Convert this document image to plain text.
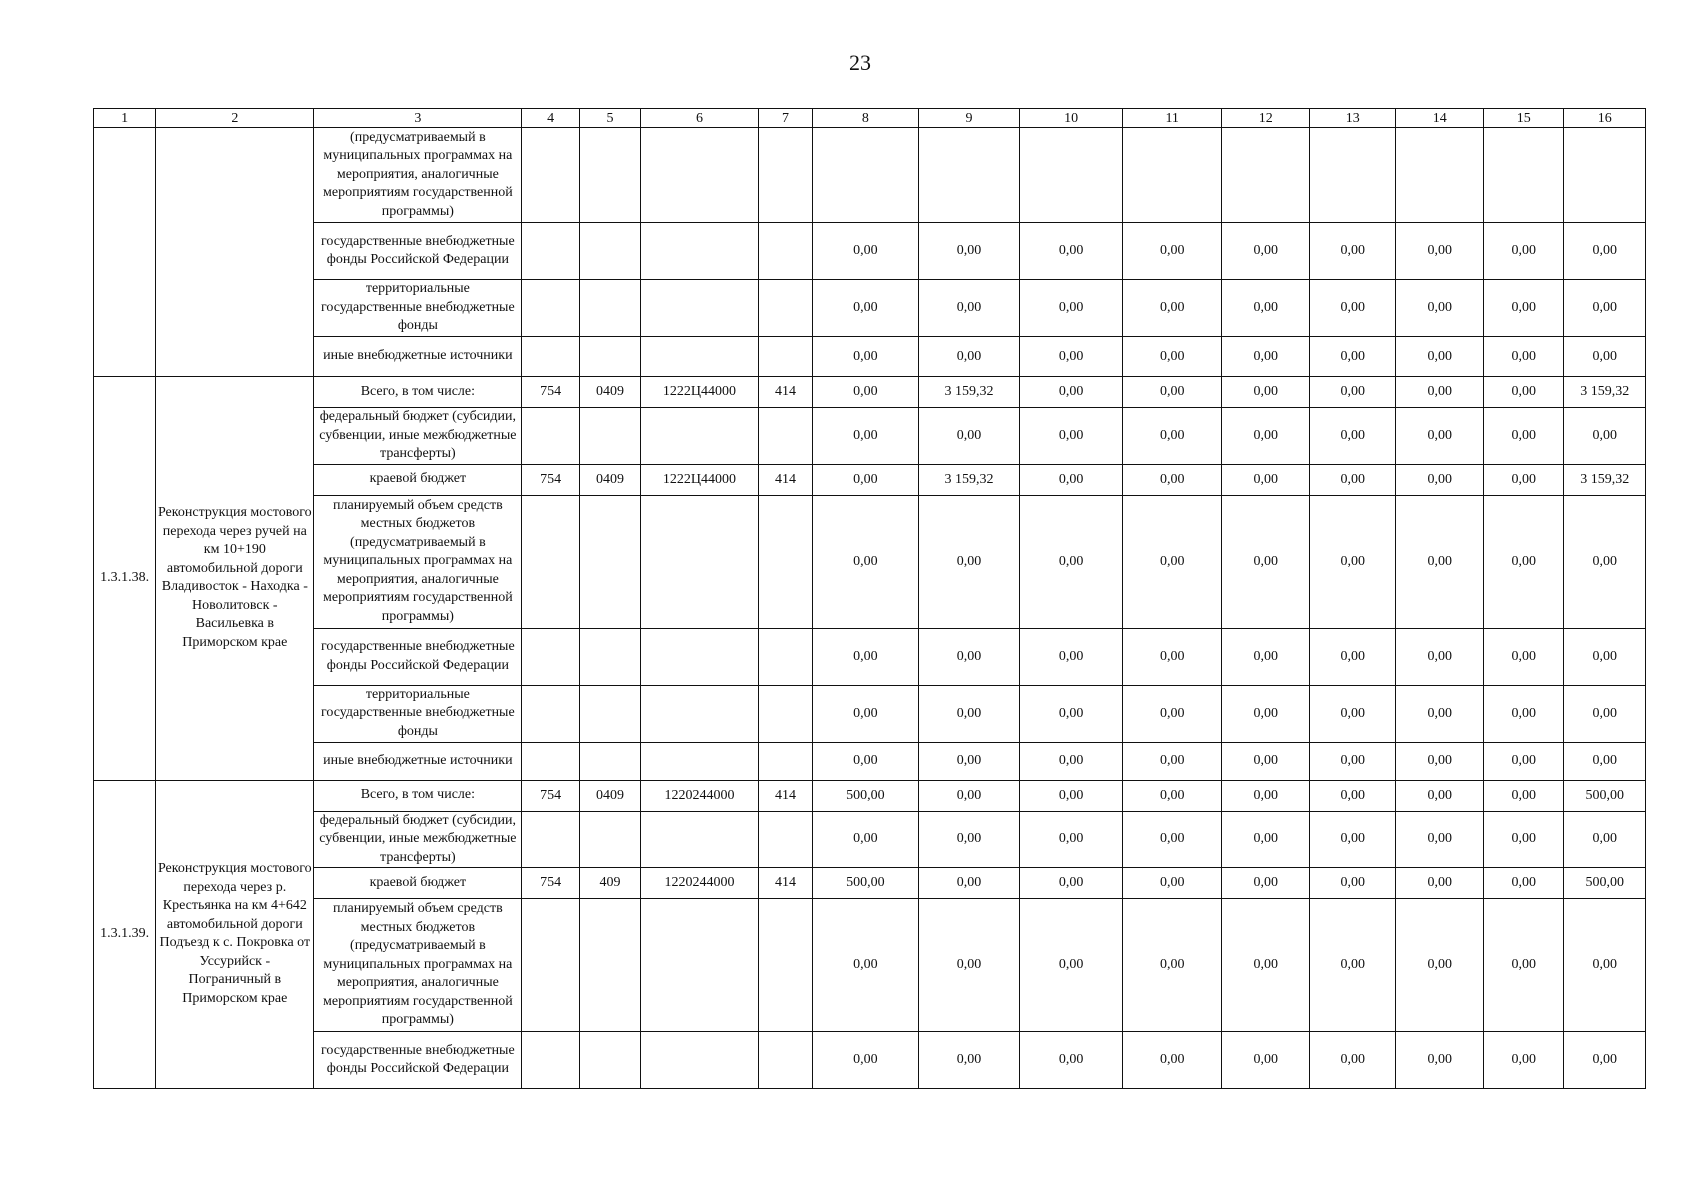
23
1	2	3	4	5	6	7	8	9	10	11	12	13	14	15	16
		(предусматриваемый в муниципальных программах на мероприятия, аналогичные мероприятиям государственной программы)													
		государственные внебюджетные фонды Российской Федерации					0,00	0,00	0,00	0,00	0,00	0,00	0,00	0,00	0,00
		территориальные государственные внебюджетные фонды					0,00	0,00	0,00	0,00	0,00	0,00	0,00	0,00	0,00
		иные внебюджетные источники					0,00	0,00	0,00	0,00	0,00	0,00	0,00	0,00	0,00
1.3.1.38.	Реконструкция мостового перехода через ручей на км 10+190 автомобильной дороги Владивосток - Находка - Новолитовск - Васильевка в Приморском крае	Всего, в том числе:	754	0409	1222Ц44000	414	0,00	3 159,32	0,00	0,00	0,00	0,00	0,00	0,00	3 159,32
		федеральный бюджет (субсидии, субвенции, иные межбюджетные трансферты)					0,00	0,00	0,00	0,00	0,00	0,00	0,00	0,00	0,00
		краевой бюджет	754	0409	1222Ц44000	414	0,00	3 159,32	0,00	0,00	0,00	0,00	0,00	0,00	3 159,32
		планируемый объем средств местных бюджетов (предусматриваемый в муниципальных программах на мероприятия, аналогичные мероприятиям государственной программы)					0,00	0,00	0,00	0,00	0,00	0,00	0,00	0,00	0,00
		государственные внебюджетные фонды Российской Федерации					0,00	0,00	0,00	0,00	0,00	0,00	0,00	0,00	0,00
		территориальные государственные внебюджетные фонды					0,00	0,00	0,00	0,00	0,00	0,00	0,00	0,00	0,00
		иные внебюджетные источники					0,00	0,00	0,00	0,00	0,00	0,00	0,00	0,00	0,00
1.3.1.39.	Реконструкция мостового перехода через р. Крестьянка на км 4+642 автомобильной дороги Подъезд к с. Покровка от Уссурийск - Пограничный в Приморском крае	Всего, в том числе:	754	0409	1220244000	414	500,00	0,00	0,00	0,00	0,00	0,00	0,00	0,00	500,00
		федеральный бюджет (субсидии, субвенции, иные межбюджетные трансферты)					0,00	0,00	0,00	0,00	0,00	0,00	0,00	0,00	0,00
		краевой бюджет	754	409	1220244000	414	500,00	0,00	0,00	0,00	0,00	0,00	0,00	0,00	500,00
		планируемый объем средств местных бюджетов (предусматриваемый в муниципальных программах на мероприятия, аналогичные мероприятиям государственной программы)					0,00	0,00	0,00	0,00	0,00	0,00	0,00	0,00	0,00
		государственные внебюджетные фонды Российской Федерации					0,00	0,00	0,00	0,00	0,00	0,00	0,00	0,00	0,00
